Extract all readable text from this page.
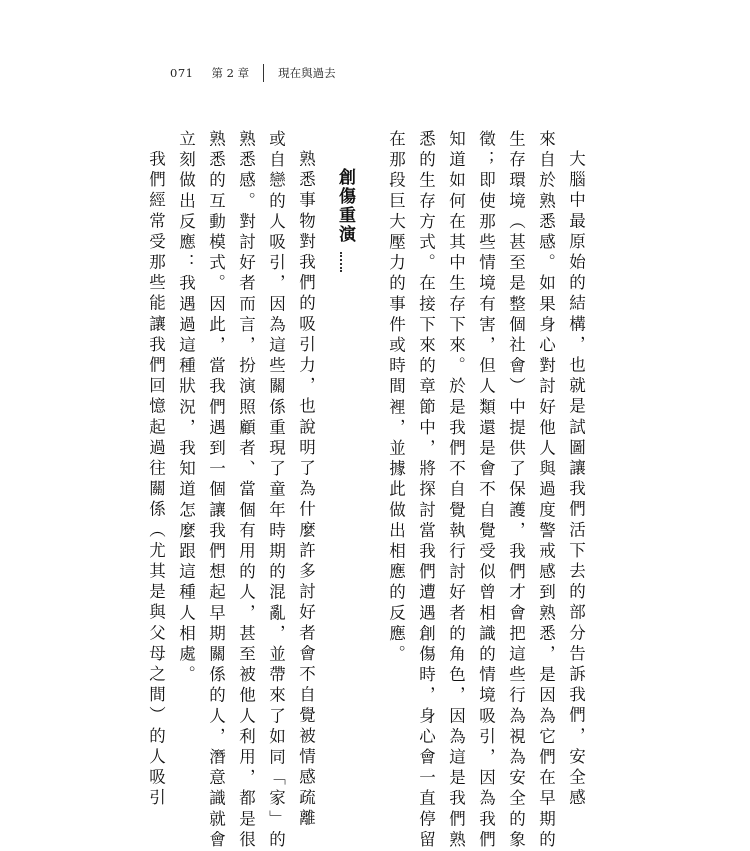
071 第 2 章	現在與過去
大腦中最原始的結構，也就是試圖讓我們活下去的部分告訴我們，安全感
來自於熟悉感。如果身心對討好他人與過度警戒感到熟悉，是因為它們在早期的
生存環境（甚至是整個社會）中提供了保護，我們才會把這些行為視為安全的象
徵；即使那些情境有害，但人類還是會不自覺受似曾相識的情境吸引，因為我們
知道如何在其中生存下來。於是我們不自覺執行討好者的角色，因為這是我們熟
悉的生存方式。在接下來的章節中，將探討當我們遭遇創傷時，身心會一直停留
在那段巨大壓力的事件或時間裡，並據此做出相應的反應。
創傷重演
熟悉事物對我們的吸引力，也說明了為什麼許多討好者會不自覺被情感疏離
或自戀的人吸引，因為這些關係重現了童年時期的混亂，並帶來了如同「家」的
熟悉感。對討好者而言，扮演照顧者、當個有用的人，甚至被他人利用，都是很
熟悉的互動模式。因此，當我們遇到一個讓我們想起早期關係的人，潛意識就會
立刻做出反應：我遇過這種狀況，我知道怎麼跟這種人相處。
我們經常受那些能讓我們回憶起過往關係（尤其是與父母之間）的人吸引
